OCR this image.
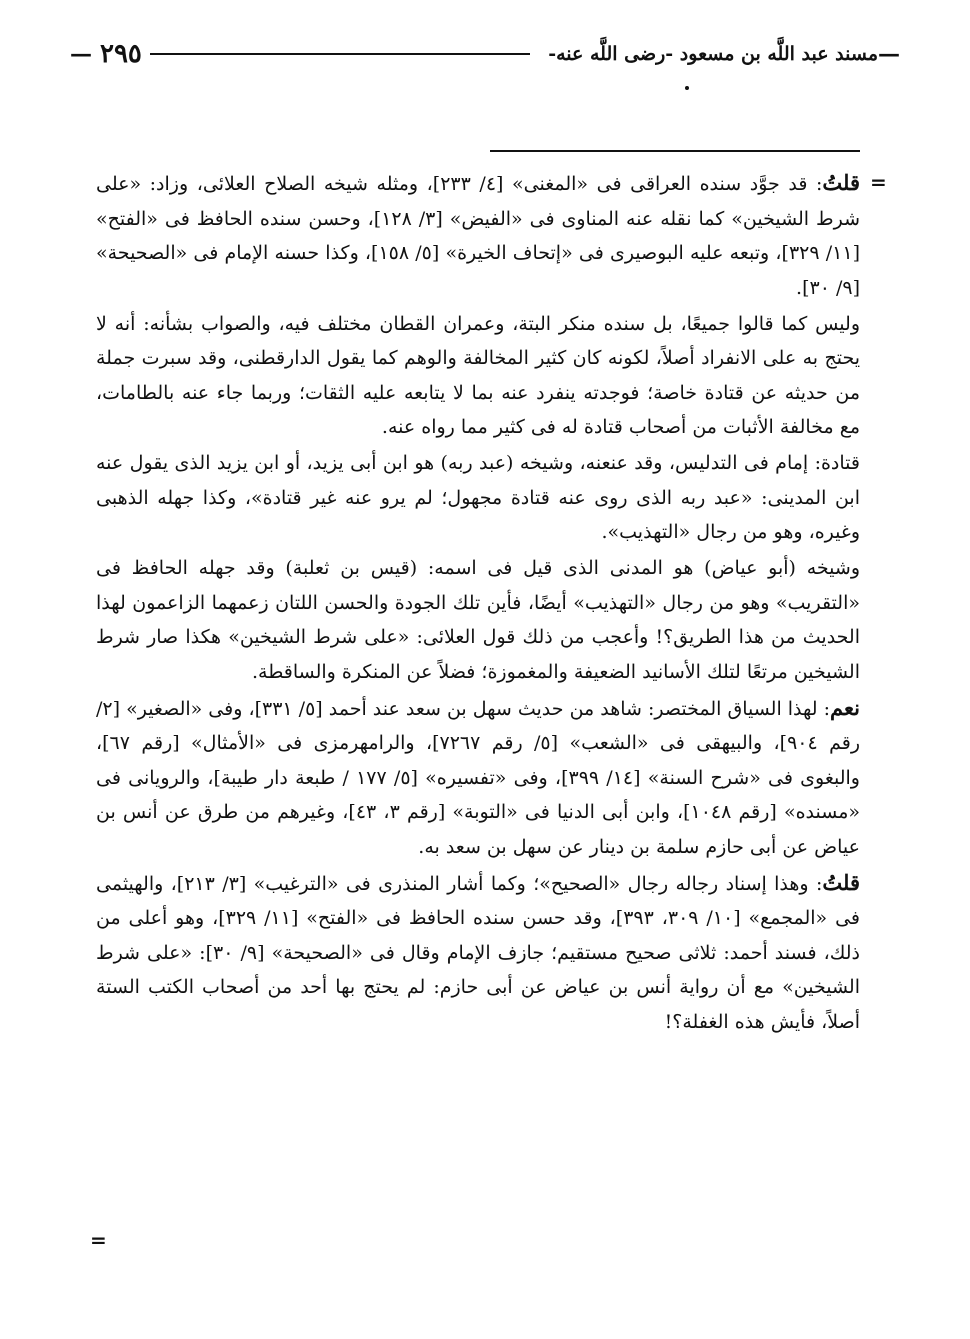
—
مسند عبد اللَّه بن مسعود -رضى اللَّه عنه-
٢٩٥
—
=

قلتُ: قد جوَّد سنده العراقى فى «المغنى» [٤/ ٢٣٣]، ومثله شيخه الصلاح العلائى، وزاد: «على شرط الشيخين» كما نقله عنه المناوى فى «الفيض» [٣/ ١٢٨]، وحسن سنده الحافظ فى «الفتح» [١١/ ٣٢٩]، وتبعه عليه البوصيرى فى «إتحاف الخيرة» [٥/ ١٥٨]، وكذا حسنه الإمام فى «الصحيحة» [٩/ ٣٠].

وليس كما قالوا جميعًا، بل سنده منكر البتة، وعمران القطان مختلف فيه، والصواب بشأنه: أنه لا يحتج به على الانفراد أصلاً، لكونه كان كثير المخالفة والوهم كما يقول الدارقطنى، وقد سبرت جملة من حديثه عن قتادة خاصة؛ فوجدته ينفرد عنه بما لا يتابعه عليه الثقات؛ وربما جاء عنه بالطامات، مع مخالفة الأثبات من أصحاب قتادة له فى كثير مما رواه عنه.

قتادة: إمام فى التدليس، وقد عنعنه، وشيخه (عبد ربه) هو ابن أبى يزيد، أو ابن يزيد الذى يقول عنه ابن المدينى: «عبد ربه الذى روى عنه قتادة مجهول؛ لم يرو عنه غير قتادة»، وكذا جهله الذهبى وغيره، وهو من رجال «التهذيب».

وشيخه (أبو عياض) هو المدنى الذى قيل فى اسمه: (قيس بن ثعلبة) وقد جهله الحافظ فى «التقريب» وهو من رجال «التهذيب» أيضًا، فأين تلك الجودة والحسن اللتان زعمهما الزاعمون لهذا الحديث من هذا الطريق؟! وأعجب من ذلك قول العلائى: «على شرط الشيخين» هكذا صار شرط الشيخين مرتعًا لتلك الأسانيد الضعيفة والمغموزة؛ فضلاً عن المنكرة والساقطة.

نعم: لهذا السياق المختصر: شاهد من حديث سهل بن سعد عند أحمد [٥/ ٣٣١]، وفى «الصغير» [٢/ رقم ٩٠٤]، والبيهقى فى «الشعب» [٥/ رقم ٧٢٦٧]، والرامهرمزى فى «الأمثال» [رقم ٦٧]، والبغوى فى «شرح السنة» [١٤/ ٣٩٩]، وفى «تفسيره» [٥/ ١٧٧ / طبعة دار طيبة]، والرويانى فى «مسنده» [رقم ١٠٤٨]، وابن أبى الدنيا فى «التوبة» [رقم ٣، ٤٣]، وغيرهم من طرق عن أنس بن عياض عن أبى حازم سلمة بن دينار عن سهل بن سعد به.

قلتُ: وهذا إسناد رجاله رجال «الصحيح»؛ وكما أشار المنذرى فى «الترغيب» [٣/ ٢١٣]، والهيثمى فى «المجمع» [١٠/ ٣٠٩، ٣٩٣]، وقد حسن سنده الحافظ فى «الفتح» [١١/ ٣٢٩]، وهو أعلى من ذلك، فسند أحمد: ثلاثى صحيح مستقيم؛ جازف الإمام وقال فى «الصحيحة» [٩/ ٣٠]: «على شرط الشيخين» مع أن رواية أنس بن عياض عن أبى حازم: لم يحتج بها أحد من أصحاب الكتب الستة أصلاً، فأيش هذه الغفلة؟!

=
